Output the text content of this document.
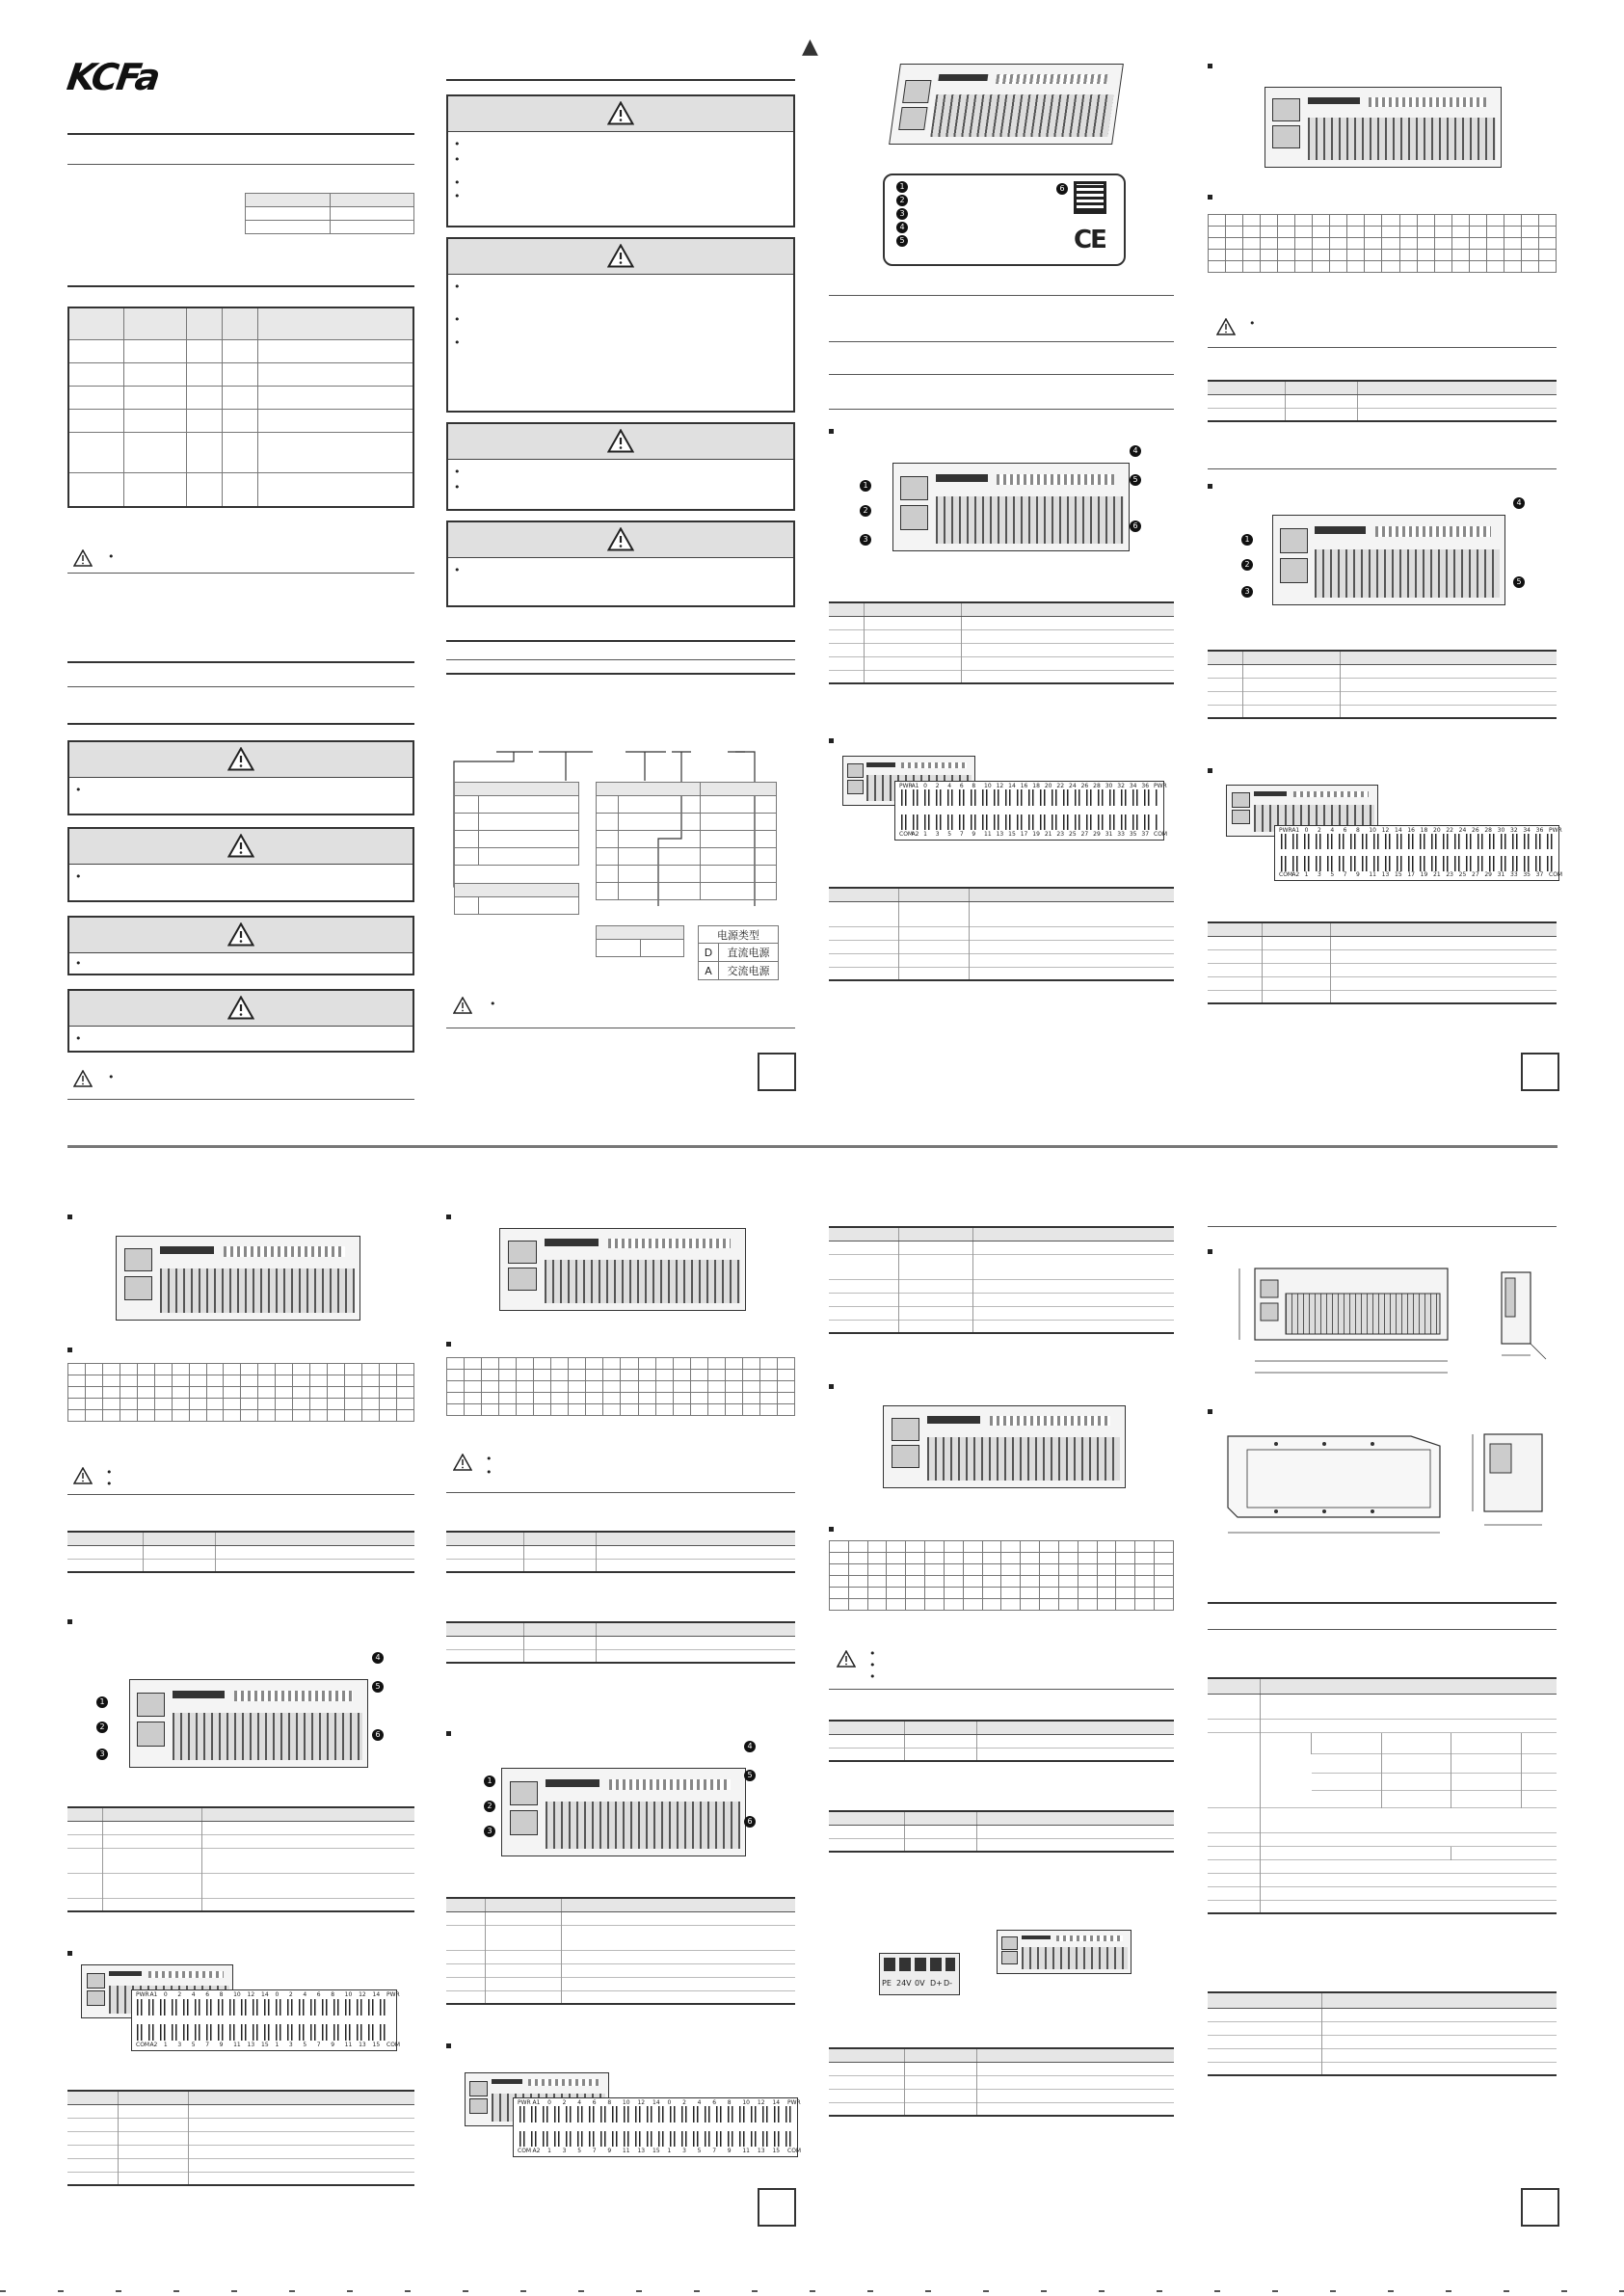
KCFa
▲

•
•
•
•
•
•
•
•
•
•
•
•
•
•
•
•

电源类型	
D	直流电源
A	交流电源
•
1
2
3
4
5
6
CE
1
2
3
4
5
6

PWR
A1 0 2 4 6 8 10 12 14 16 18 20 22 24 26 28 30 32 34 36 PWR
COM
A2 1 3 5 7 9 11 13 15 17 19 21 23 25 27 29 31 33 35 37 COM

•

1
2
3
4
5

PWR A1 0 2 4 6 8 10 12 14 16 18 20 22 24 26 28 30 32 34 36 PWR
COM A2 1 3 5 7 9 11 13 15 17 19 21 23 25 27 29 31 33 35 37 COM

•
•

1
2
3
4
5
6

PWR A1 0 2 4 6 8 10 12 14 0 2 4 6 8 10 12 14 PWR
COM A2 1 3 5 7 9 11 13 15 1 3 5 7 9 11 13 15 COM

•
•

1
2
3
4
5
6

PWR A1 0 2 4 6 8 10 12 14 0 2 4 6 8 10 12 14 PWR
COM A2 1 3 5 7 9 11 13 15 1 3 5 7 9 11 13 15 COM

•
•
•

PE 24V 0V D+ D-
